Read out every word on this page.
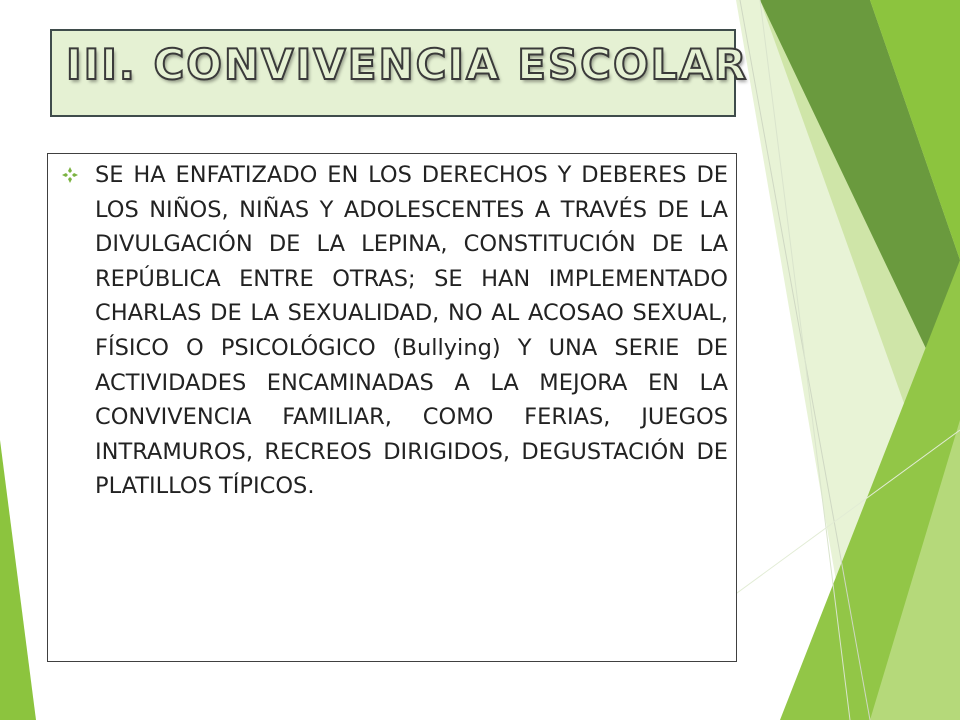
III. CONVIVENCIA ESCOLAR
SE HA ENFATIZADO EN LOS DERECHOS Y DEBERES DE LOS NIÑOS, NIÑAS Y ADOLESCENTES A TRAVÉS DE LA DIVULGACIÓN DE LA LEPINA, CONSTITUCIÓN DE LA REPÚBLICA ENTRE OTRAS; SE HAN IMPLEMENTADO CHARLAS DE LA SEXUALIDAD, NO AL ACOSAO SEXUAL, FÍSICO O PSICOLÓGICO (Bullying) Y UNA SERIE DE ACTIVIDADES ENCAMINADAS A LA MEJORA EN LA CONVIVENCIA FAMILIAR, COMO FERIAS, JUEGOS INTRAMUROS, RECREOS DIRIGIDOS, DEGUSTACIÓN DE PLATILLOS TÍPICOS.
